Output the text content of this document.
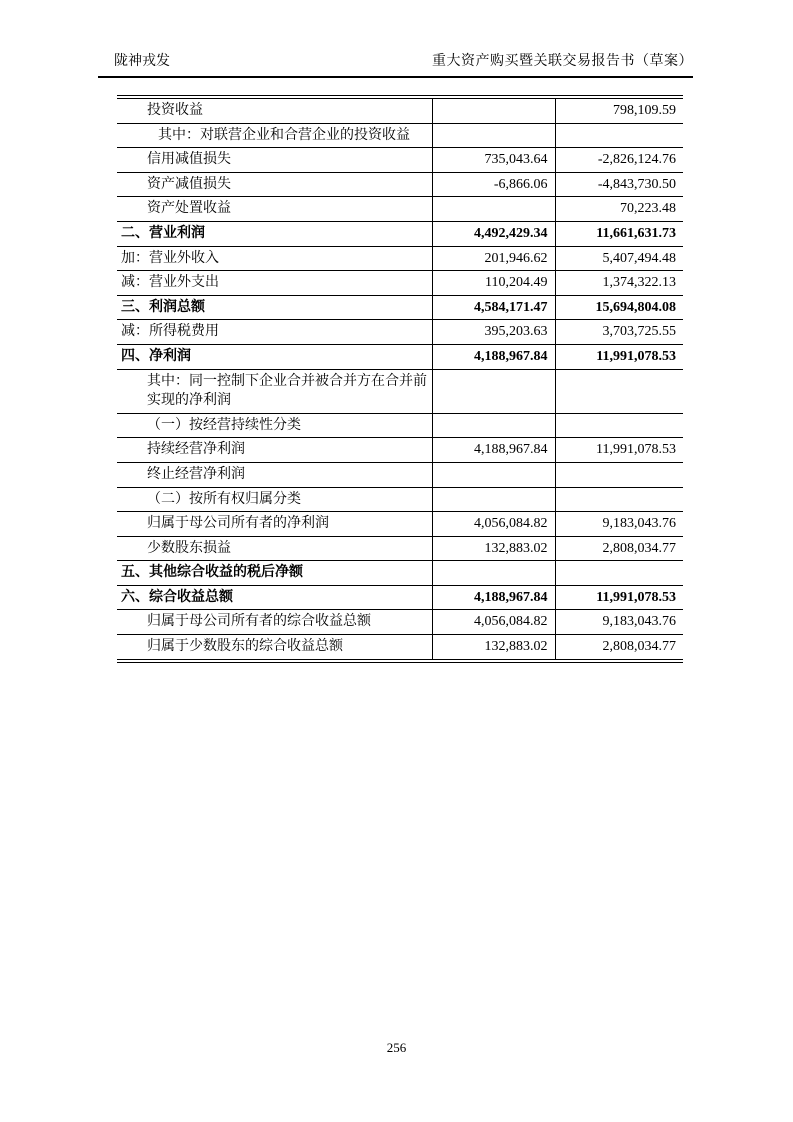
陇神戎发	重大资产购买暨关联交易报告书（草案）
投资收益		798,109.59
其中：对联营企业和合营企业的投资收益		
信用减值损失	735,043.64	-2,826,124.76
资产减值损失	-6,866.06	-4,843,730.50
资产处置收益		70,223.48
二、营业利润	4,492,429.34	11,661,631.73
加：营业外收入	201,946.62	5,407,494.48
减：营业外支出	110,204.49	1,374,322.13
三、利润总额	4,584,171.47	15,694,804.08
减：所得税费用	395,203.63	3,703,725.55
四、净利润	4,188,967.84	11,991,078.53
其中：同一控制下企业合并被合并方在合并前实现的净利润		
（一）按经营持续性分类		
持续经营净利润	4,188,967.84	11,991,078.53
终止经营净利润		
（二）按所有权归属分类		
归属于母公司所有者的净利润	4,056,084.82	9,183,043.76
少数股东损益	132,883.02	2,808,034.77
五、其他综合收益的税后净额		
六、综合收益总额	4,188,967.84	11,991,078.53
归属于母公司所有者的综合收益总额	4,056,084.82	9,183,043.76
归属于少数股东的综合收益总额	132,883.02	2,808,034.77
256
